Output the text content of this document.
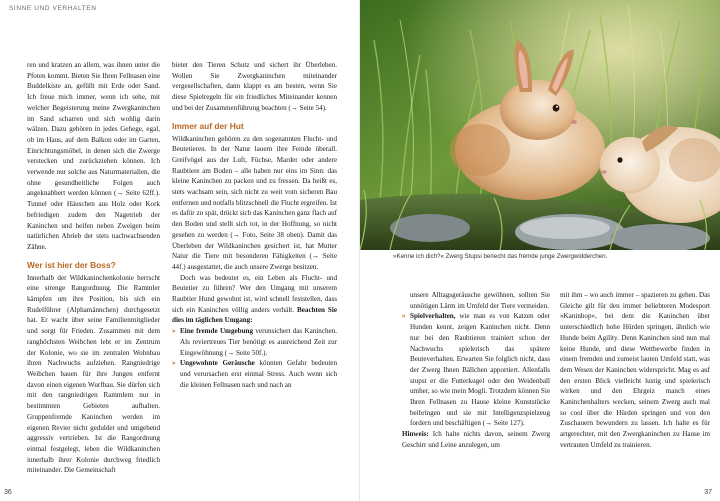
SINNE UND VERHALTEN

ren und kratzen an allem, was ihnen unter die Pfoten kommt. Bieten Sie Ihren Fellnasen eine Buddelkiste an, gefüllt mit Erde oder Sand. Ich freue mich immer, wenn ich sehe, mit welcher Begeisterung meine Zwergkaninchen im Sand scharren und sich wohlig darin wälzen. Dazu gehören in jedes Gehege, egal, ob im Haus, auf dem Balkon oder im Garten, Einrichtungsmöbel, in denen sich die Zwerge verstecken und zurückziehen können. Ich verwende nur solche aus Naturmaterialien, die ohne gesundheitliche Folgen auch angeknabbert werden können (→ Seite 62ff.). Tunnel oder Häuschen aus Holz oder Kork befriedigen zudem den Nagetrieb der Kaninchen und helfen neben Zweigen beim natürlichen Abrieb der stets nachwachsenden Zähne.

Wer ist hier der Boss?

Innerhalb der Wildkaninchenkolonie herrscht eine strenge Rangordnung. Die Rammler kämpfen um ihre Position, bis sich ein Rudelführer (Alphamännchen) durchgesetzt hat. Er wacht über seine Familienmitglieder und sorgt für Frieden. Zusammen mit dem ranghöchsten Weibchen lebt er im Zentrum der Kolonie, wo sie im zentralen Wohnbau ihren Nachwuchs aufziehen. Rangniedrige Weibchen bauen für ihre Jungen entfernt davon einen eigenen Wurfbau. Sie dürfen sich mit den rangniedrigen Rammlern nur in bestimmten Gebieten aufhalten. Gruppenfremde Kaninchen werden im eigenen Revier nicht geduldet und umgehend aggressiv vertrieben. Ist die Rangordnung einmal festgelegt, leben die Wildkaninchen innerhalb ihrer Kolonie durchweg friedlich miteinander. Die Gemeinschaft

bietet den Tieren Schutz und sichert ihr Überleben. Wollen Sie Zwergkaninchen miteinander vergesellschaften, dann klappt es am besten, wenn Sie diese Spielregeln für ein friedliches Miteinander kennen und bei der Zusammenführung beachten (→ Seite 54).

Immer auf der Hut

Wildkaninchen gehören zu den sogenannten Flucht- und Beutetieren. In der Natur lauern ihre Feinde überall. Greifvögel aus der Luft, Füchse, Marder oder andere Raubtiere am Boden – alle haben nur eins im Sinn: das kleine Kaninchen zu packen und zu fressen. Da heißt es, stets wachsam sein, sich nicht zu weit vom sicheren Bau entfernen und notfalls blitzschnell die Flucht ergreifen. Ist es dafür zu spät, drückt sich das Kaninchen ganz flach auf den Boden und stellt sich tot, in der Hoffnung, so nicht gesehen zu werden (→ Foto, Seite 38 oben). Damit das Überleben der Wildkaninchen gesichert ist, hat Mutter Natur die Tiere mit besonderen Fähigkeiten (→ Seite 44f.) ausgestattet, die auch unsere Zwerge besitzen.

Doch was bedeutet es, ein Leben als Flucht- und Beutetier zu führen? Wer den Umgang mit unserem Raubtier Hund gewohnt ist, wird schnell feststellen, dass sich ein Kaninchen völlig anders verhält. Beachten Sie dies im täglichen Umgang:

» Eine fremde Umgebung verunsichert das Kaninchen. Als reviertreues Tier benötigt es ausreichend Zeit zur Eingewöhnung (→ Seite 50f.).
» Ungewohnte Geräusche könnten Gefahr bedeuten und verursachen erst einmal Stress. Auch wenn sich die kleinen Fellnasen nach und nach an
36
»Kenne ich dich?« Zwerg Stupsi beriecht das fremde junge Zwergwidderchen.

unsere Alltagsgeräusche gewöhnen, sollten Sie unnötigen Lärm im Umfeld der Tiere vermeiden.

» Spielverhalten, wie man es von Katzen oder Hunden kennt, zeigen Kaninchen nicht. Denn nur bei den Raubtieren trainiert schon der Nachwuchs spielerisch das spätere Beuteverhalten. Erwarten Sie folglich nicht, dass der Zwerg Ihnen Bällchen apportiert. Allenfalls stupst er die Futterkugel oder den Weidenball umher, so wie mein Mogli. Trotzdem können Sie Ihren Fellnasen zu Hause kleine Kunststücke beibringen und sie mit Intelligenzspielzeug fordern und beschäftigen (→ Seite 127).

Hinweis: Ich halte nichts davon, seinem Zwerg Geschirr und Leine anzulegen, um

mit ihm – wo auch immer – spazieren zu gehen. Das Gleiche gilt für den immer beliebteren Modesport »Kaninhop«, bei dem die Kaninchen über unterschiedlich hohe Hürden springen, ähnlich wie Hunde beim Agility. Denn Kaninchen sind nun mal keine Hunde, und diese Wettbewerbe finden in einem fremden und zumeist lauten Umfeld statt, was dem Wesen der Kaninchen widerspricht. Mag es auf den ersten Blick vielleicht lustig und spielerisch wirken und den Ehrgeiz manch eines Kaninchenhalters wecken, seinem Zwerg auch mal so cool über die Hürden springen und von den Zuschauern bewundern zu lassen. Ich halte es für artgerechter, mit den Zwergkaninchen zu Hause im vertrauten Umfeld zu trainieren.

37
